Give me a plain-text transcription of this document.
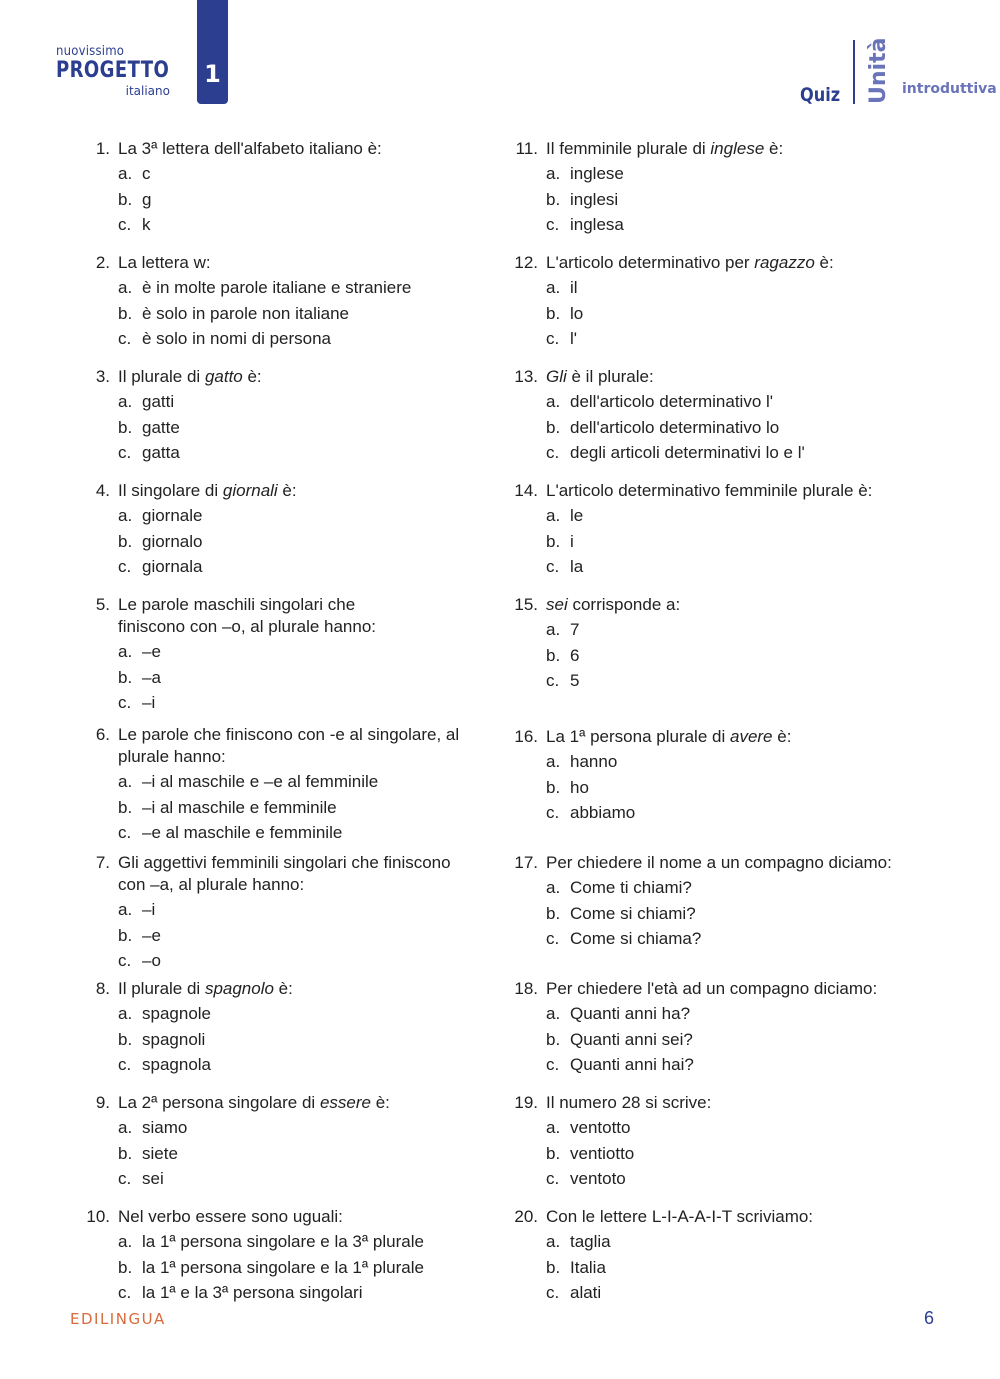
nuovissimo
PROGETTO
italiano
1
Quiz Unità introduttiva
1. La 3ª lettera dell'alfabeto italiano è:
a. c
b. g
c. k
2. La lettera w:
a. è in molte parole italiane e straniere
b. è solo in parole non italiane
c. è solo in nomi di persona
3. Il plurale di gatto è:
a. gatti
b. gatte
c. gatta
4. Il singolare di giornali è:
a. giornale
b. giornalo
c. giornala
5. Le parole maschili singolari che
finiscono con –o, al plurale hanno:
a. –e
b. –a
c. –i
6. Le parole che finiscono con -e al singolare, al
plurale hanno:
a. –i al maschile e –e al femminile
b. –i al maschile e femminile
c. –e al maschile e femminile
7. Gli aggettivi femminili singolari che finiscono
con –a, al plurale hanno:
a. –i
b. –e
c. –o
8. Il plurale di spagnolo è:
a. spagnole
b. spagnoli
c. spagnola
9. La 2ª persona singolare di essere è:
a. siamo
b. siete
c. sei
10. Nel verbo essere sono uguali:
a. la 1ª persona singolare e la 3ª plurale
b. la 1ª persona singolare e la 1ª plurale
c. la 1ª e la 3ª persona singolari
11. Il femminile plurale di inglese è:
a. inglese
b. inglesi
c. inglesa
12. L'articolo determinativo per ragazzo è:
a. il
b. lo
c. l'
13. Gli è il plurale:
a. dell'articolo determinativo l'
b. dell'articolo determinativo lo
c. degli articoli determinativi lo e l'
14. L'articolo determinativo femminile plurale è:
a. le
b. i
c. la
15. sei corrisponde a:
a. 7
b. 6
c. 5
16. La 1ª persona plurale di avere è:
a. hanno
b. ho
c. abbiamo
17. Per chiedere il nome a un compagno diciamo:
a. Come ti chiami?
b. Come si chiami?
c. Come si chiama?
18. Per chiedere l'età ad un compagno diciamo:
a. Quanti anni ha?
b. Quanti anni sei?
c. Quanti anni hai?
19. Il numero 28 si scrive:
a. ventotto
b. ventiotto
c. ventoto
20. Con le lettere L-I-A-A-I-T scriviamo:
a. taglia
b. Italia
c. alati
EDILINGUA	6
